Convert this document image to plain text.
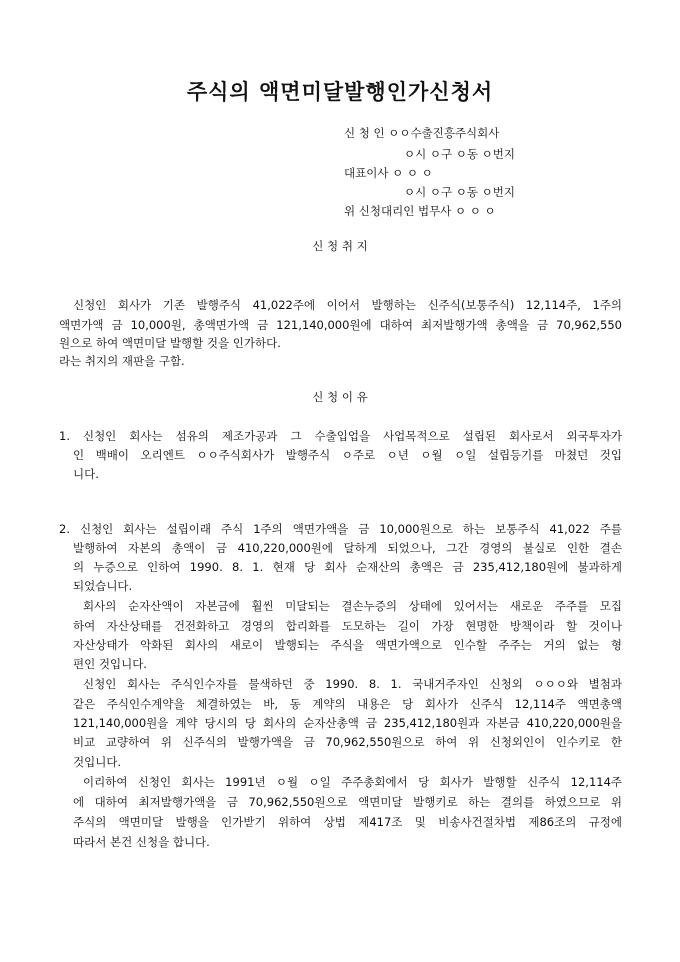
주식의 액면미달발행인가신청서
신 청 인 ㅇㅇ수출진흥주식회사
ㅇ시 ㅇ구 ㅇ동 ㅇ번지
대표이사 ㅇ ㅇ ㅇ
ㅇ시 ㅇ구 ㅇ동 ㅇ번지
위 신청대리인 법무사 ㅇ ㅇ ㅇ
신 청 취 지
신청인 회사가 기존 발행주식 41,022주에 이어서 발행하는 신주식(보통주식) 12,114주, 1주의
액면가액 금 10,000원, 총액면가액 금 121,140,000원에 대하여 최저발행가액 총액을 금 70,962,550
원으로 하여 액면미달 발행할 것을 인가하다.
라는 취지의 재판을 구함.
신 청 이 유
1. 신청인 회사는 섬유의 제조가공과 그 수출입업을 사업목적으로 설립된 회사로서 외국투자가
인 백배이 오리엔트 ㅇㅇ주식회사가 발행주식 ㅇ주로 ㅇ년 ㅇ월 ㅇ일 설립등기를 마쳤던 것입
니다.
2. 신청인 회사는 설립이래 주식 1주의 액면가액을 금 10,000원으로 하는 보통주식 41,022 주를
발행하여 자본의 총액이 금 410,220,000원에 달하게 되었으나, 그간 경영의 불실로 인한 결손
의 누증으로 인하여 1990. 8. 1. 현재 당 회사 순재산의 총액은 금 235,412,180원에 불과하게
되었습니다.
회사의 순자산액이 자본금에 훨씬 미달되는 결손누증의 상태에 있어서는 새로운 주주를 모집
하여 자산상태를 건전화하고 경영의 합리화를 도모하는 길이 가장 현명한 방책이라 할 것이나
자산상태가 악화된 회사의 새로이 발행되는 주식을 액면가액으로 인수할 주주는 거의 없는 형
편인 것입니다.
신청인 회사는 주식인수자를 물색하던 중 1990. 8. 1. 국내거주자인 신청외 ㅇㅇㅇ와 별첨과
같은 주식인수계약을 체결하였는 바, 동 계약의 내용은 당 회사가 신주식 12,114주 액면총액
121,140,000원을 계약 당시의 당 회사의 순자산총액 금 235,412,180원과 자본금 410,220,000원을
비교 교량하여 위 신주식의 발행가액을 금 70,962,550원으로 하여 위 신청외인이 인수키로 한
것입니다.
이리하여 신청인 회사는 1991년 ㅇ월 ㅇ일 주주총회에서 당 회사가 발행할 신주식 12,114주
에 대하여 최저발행가액을 금 70,962,550원으로 액면미달 발행키로 하는 결의를 하였으므로 위
주식의 액면미달 발행을 인가받기 위하여 상법 제417조 및 비송사건절차법 제86조의 규정에
따라서 본건 신청을 합니다.
